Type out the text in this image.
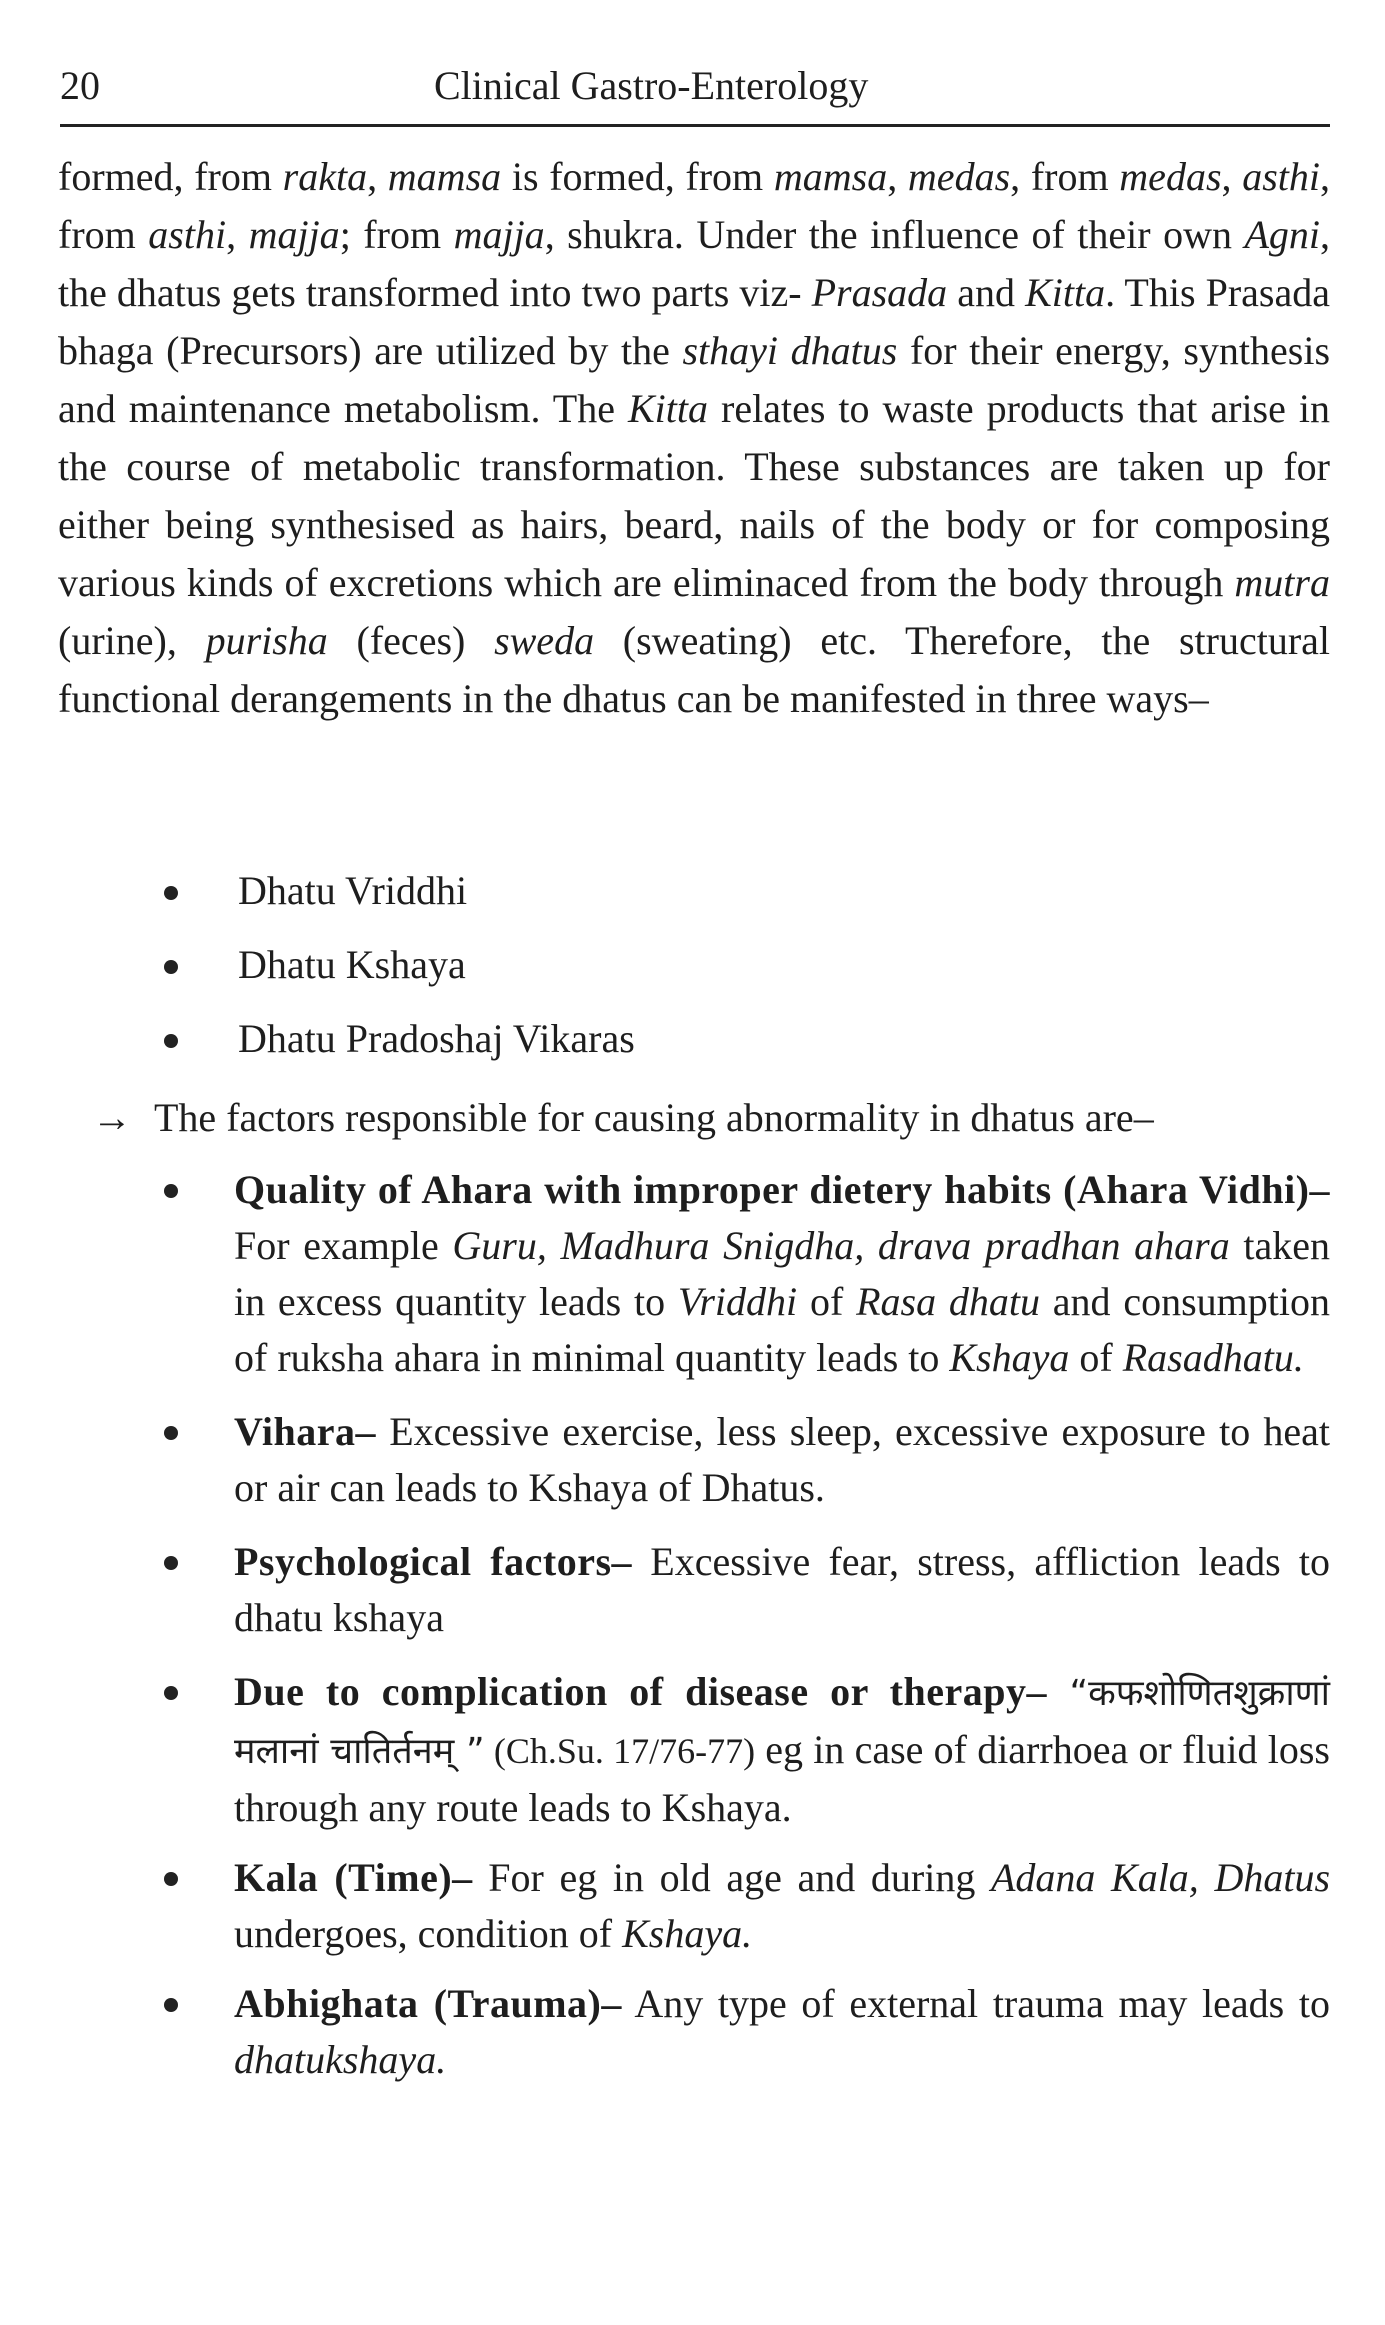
20	Clinical Gastro-Enterology

formed, from rakta, mamsa is formed, from mamsa, medas, from medas, asthi, from asthi, majja; from majja, shukra. Under the influence of their own Agni, the dhatus gets transformed into two parts viz- Prasada and Kitta. This Prasada bhaga (Precursors) are utilized by the sthayi dhatus for their energy, synthesis and maintenance metabolism. The Kitta relates to waste products that arise in the course of metabolic transformation. These substances are taken up for either being synthesised as hairs, beard, nails of the body or for composing various kinds of excretions which are eliminaced from the body through mutra (urine), purisha (feces) sweda (sweating) etc. Therefore, the structural functional derangements in the dhatus can be manifested in three ways–

Dhatu Vriddhi
Dhatu Kshaya
Dhatu Pradoshaj Vikaras
→ The factors responsible for causing abnormality in dhatus are–
Quality of Ahara with improper dietery habits (Ahara Vidhi)– For example Guru, Madhura Snigdha, drava pradhan ahara taken in excess quantity leads to Vriddhi of Rasa dhatu and consumption of ruksha ahara in minimal quantity leads to Kshaya of Rasadhatu.
Vihara– Excessive exercise, less sleep, excessive exposure to heat or air can leads to Kshaya of Dhatus.
Psychological factors– Excessive fear, stress, affliction leads to dhatu kshaya
Due to complication of disease or therapy– “कफशोणितशुक्राणां मलानां चातिर्तनम् ” (Ch.Su. 17/76-77) eg in case of diarrhoea or fluid loss through any route leads to Kshaya.
Kala (Time)– For eg in old age and during Adana Kala, Dhatus undergoes, condition of Kshaya.
Abhighata (Trauma)– Any type of external trauma may leads to dhatukshaya.
